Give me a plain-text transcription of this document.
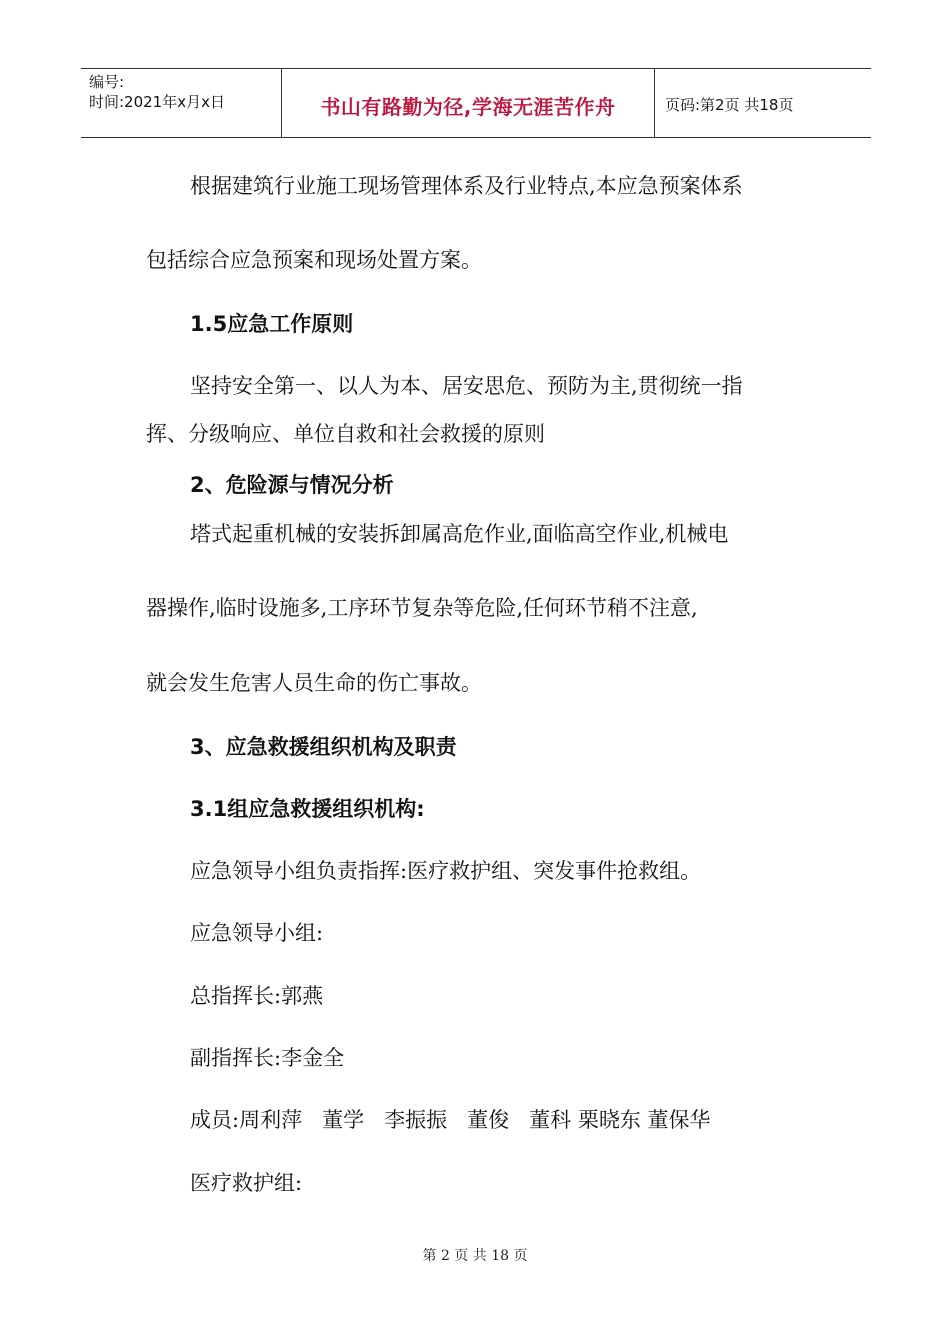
编号:
时间:2021年x月x日	书山有路勤为径,学海无涯苦作舟	页码:第2页 共18页
根据建筑行业施工现场管理体系及行业特点,本应急预案体系
包括综合应急预案和现场处置方案。
1.5应急工作原则
坚持安全第一、以人为本、居安思危、预防为主,贯彻统一指
挥、分级响应、单位自救和社会救援的原则
2、危险源与情况分析
塔式起重机械的安装拆卸属高危作业,面临高空作业,机械电
器操作,临时设施多,工序环节复杂等危险,任何环节稍不注意,
就会发生危害人员生命的伤亡事故。
3、应急救援组织机构及职责
3.1组应急救援组织机构:
应急领导小组负责指挥:医疗救护组、突发事件抢救组。
应急领导小组:
总指挥长:郭燕
副指挥长:李金全
成员:周利萍   董学   李振振   董俊   董科 栗晓东 董保华
医疗救护组:
第 2 页 共 18 页
